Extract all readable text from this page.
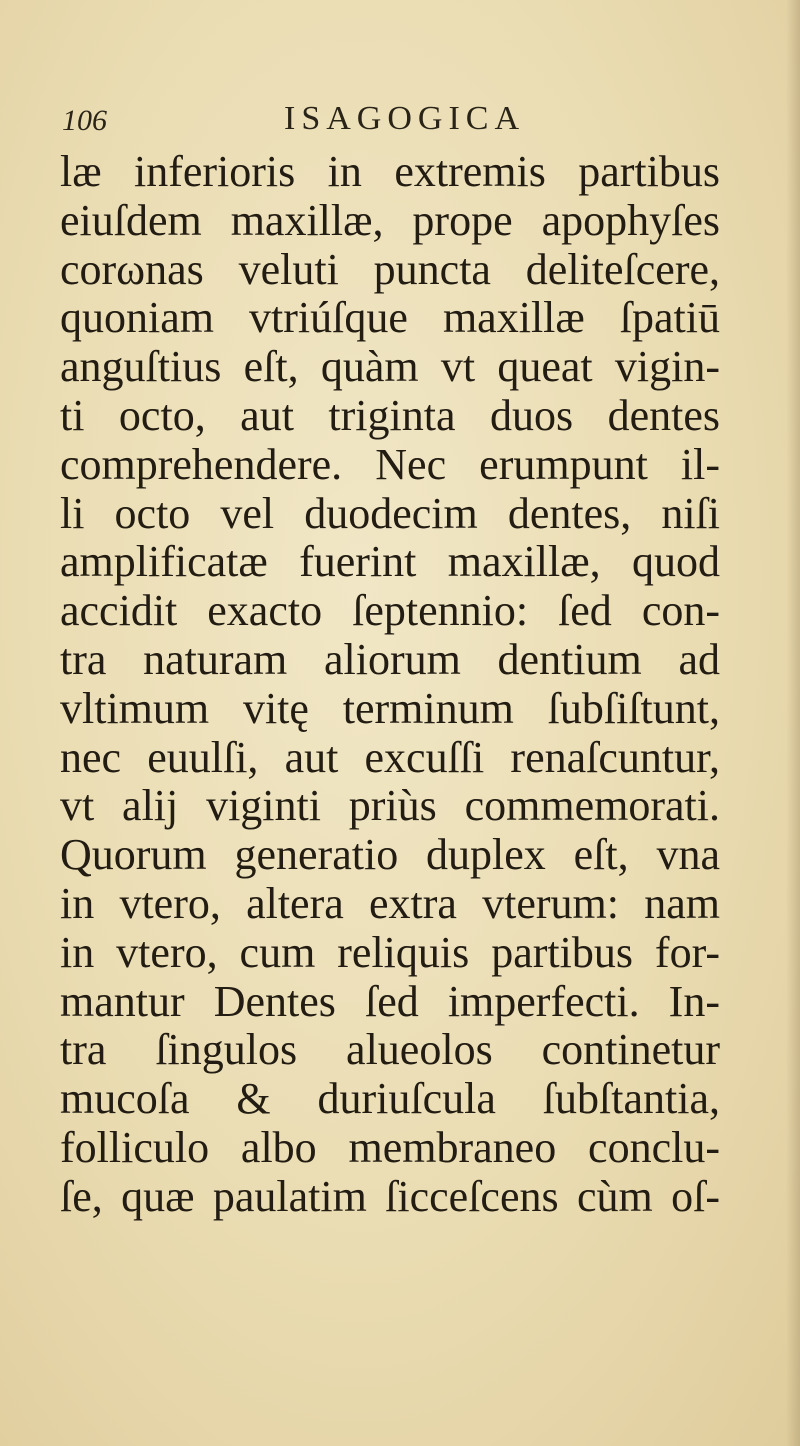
106	ISAGOGICA
læ inferioris in extremis partibus
eiuſdem maxillæ, prope apophyſes
corωnas veluti puncta deliteſcere,
quoniam vtriúſque maxillæ ſpatiū
anguſtius eſt, quàm vt queat vigin-
ti octo, aut triginta duos dentes
comprehendere. Nec erumpunt il-
li octo vel duodecim dentes, niſi
amplificatæ fuerint maxillæ, quod
accidit exacto ſeptennio: ſed con-
tra naturam aliorum dentium ad
vltimum vitę terminum ſubſiſtunt,
nec euulſi, aut excuſſi renaſcuntur,
vt alij viginti priùs commemorati.
Quorum generatio duplex eſt, vna
in vtero, altera extra vterum: nam
in vtero, cum reliquis partibus for-
mantur Dentes ſed imperfecti. In-
tra ſingulos alueolos continetur
mucoſa & duriuſcula ſubſtantia,
folliculo albo membraneo conclu-
ſe, quæ paulatim ſicceſcens cùm oſ-
